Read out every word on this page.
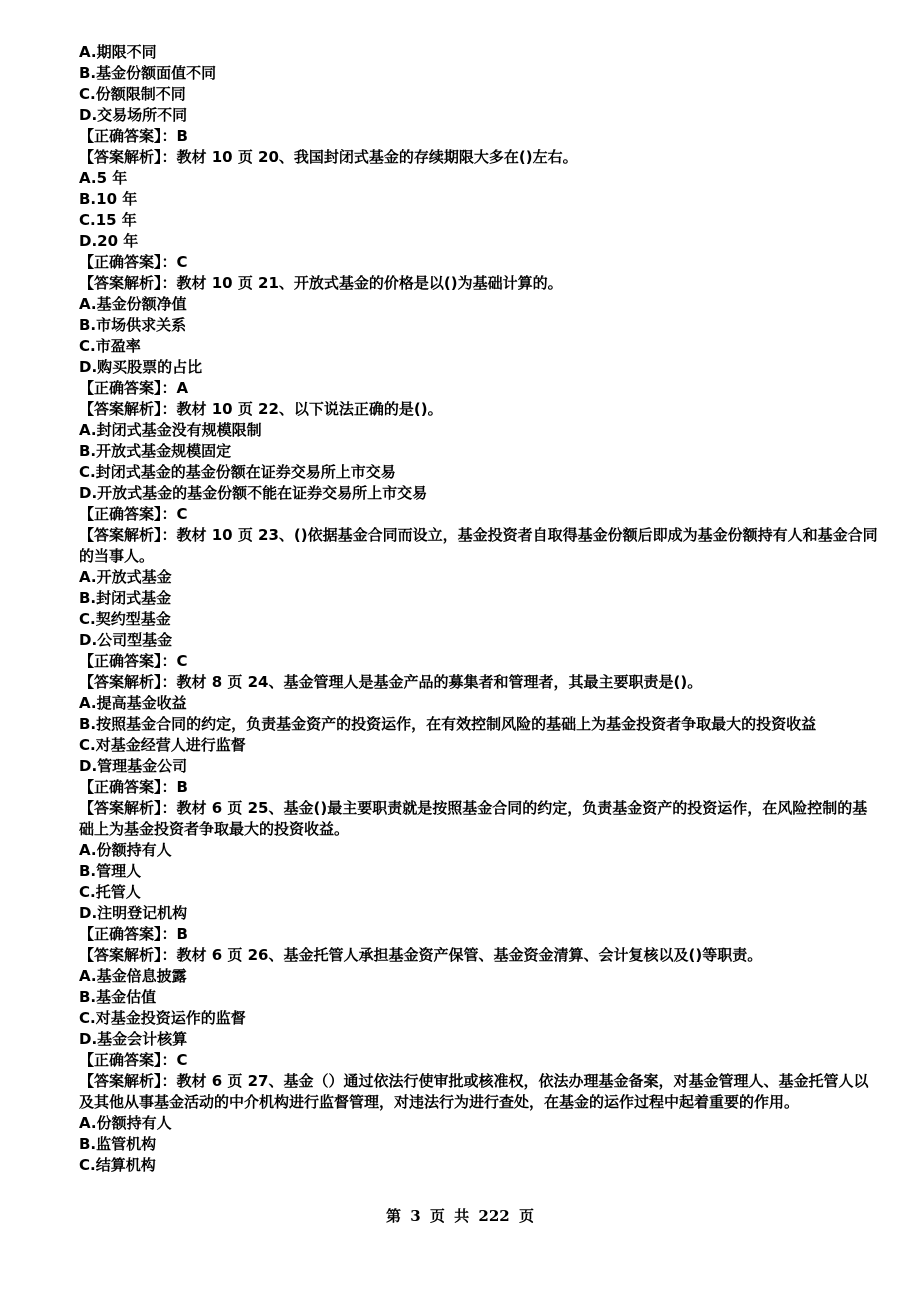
A.期限不同
B.基金份额面值不同
C.份额限制不同
D.交易场所不同
【正确答案】：B
【答案解析】：教材 10 页 20、我国封闭式基金的存续期限大多在()左右。
A.5 年
B.10 年
C.15 年
D.20 年
【正确答案】：C
【答案解析】：教材 10 页 21、开放式基金的价格是以()为基础计算的。
A.基金份额净值
B.市场供求关系
C.市盈率
D.购买股票的占比
【正确答案】：A
【答案解析】：教材 10 页 22、以下说法正确的是()。
A.封闭式基金没有规模限制
B.开放式基金规模固定
C.封闭式基金的基金份额在证券交易所上市交易
D.开放式基金的基金份额不能在证券交易所上市交易
【正确答案】：C
【答案解析】：教材 10 页 23、()依据基金合同而设立，基金投资者自取得基金份额后即成为基金份额持有人和基金合同的当事人。
A.开放式基金
B.封闭式基金
C.契约型基金
D.公司型基金
【正确答案】：C
【答案解析】：教材 8 页 24、基金管理人是基金产品的募集者和管理者，其最主要职责是()。
A.提高基金收益
B.按照基金合同的约定，负责基金资产的投资运作，在有效控制风险的基础上为基金投资者争取最大的投资收益
C.对基金经营人进行监督
D.管理基金公司
【正确答案】：B
【答案解析】：教材 6 页 25、基金()最主要职责就是按照基金合同的约定，负责基金资产的投资运作，在风险控制的基础上为基金投资者争取最大的投资收益。
A.份额持有人
B.管理人
C.托管人
D.注明登记机构
【正确答案】：B
【答案解析】：教材 6 页 26、基金托管人承担基金资产保管、基金资金清算、会计复核以及()等职责。
A.基金倍息披露
B.基金估值
C.对基金投资运作的监督
D.基金会计核算
【正确答案】：C
【答案解析】：教材 6 页 27、基金（）通过依法行使审批或核准权，依法办理基金备案，对基金管理人、基金托管人以及其他从事基金活动的中介机构进行监督管理，对违法行为进行查处，在基金的运作过程中起着重要的作用。
A.份额持有人
B.监管机构
C.结算机构
第 3 页 共 222 页
